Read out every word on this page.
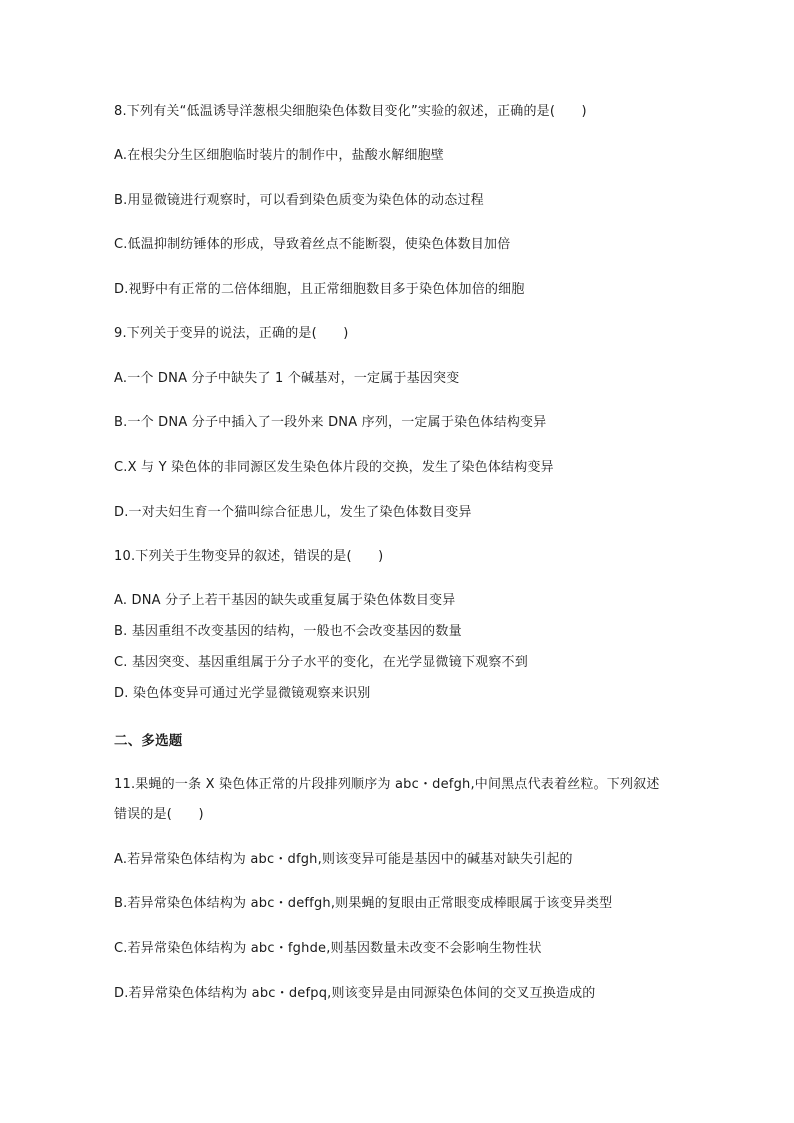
8.下列有关“低温诱导洋葱根尖细胞染色体数目变化”实验的叙述，正确的是(　　)
A.在根尖分生区细胞临时装片的制作中，盐酸水解细胞壁
B.用显微镜进行观察时，可以看到染色质变为染色体的动态过程
C.低温抑制纺锤体的形成，导致着丝点不能断裂，使染色体数目加倍
D.视野中有正常的二倍体细胞，且正常细胞数目多于染色体加倍的细胞
9.下列关于变异的说法，正确的是(　　)
A.一个 DNA 分子中缺失了 1 个碱基对，一定属于基因突变
B.一个 DNA 分子中插入了一段外来 DNA 序列，一定属于染色体结构变异
C.X 与 Y 染色体的非同源区发生染色体片段的交换，发生了染色体结构变异
D.一对夫妇生育一个猫叫综合征患儿，发生了染色体数目变异
10.下列关于生物变异的叙述，错误的是(　　)
A. DNA 分子上若干基因的缺失或重复属于染色体数目变异
B. 基因重组不改变基因的结构，一般也不会改变基因的数量
C. 基因突变、基因重组属于分子水平的变化，在光学显微镜下观察不到
D. 染色体变异可通过光学显微镜观察来识别
二、多选题
11.果蝇的一条 X 染色体正常的片段排列顺序为 abc・defgh,中间黑点代表着丝粒。下列叙述
错误的是(　　)
A.若异常染色体结构为 abc・dfgh,则该变异可能是基因中的碱基对缺失引起的
B.若异常染色体结构为 abc・deffgh,则果蝇的复眼由正常眼变成棒眼属于该变异类型
C.若异常染色体结构为 abc・fghde,则基因数量未改变不会影响生物性状
D.若异常染色体结构为 abc・defpq,则该变异是由同源染色体间的交叉互换造成的
